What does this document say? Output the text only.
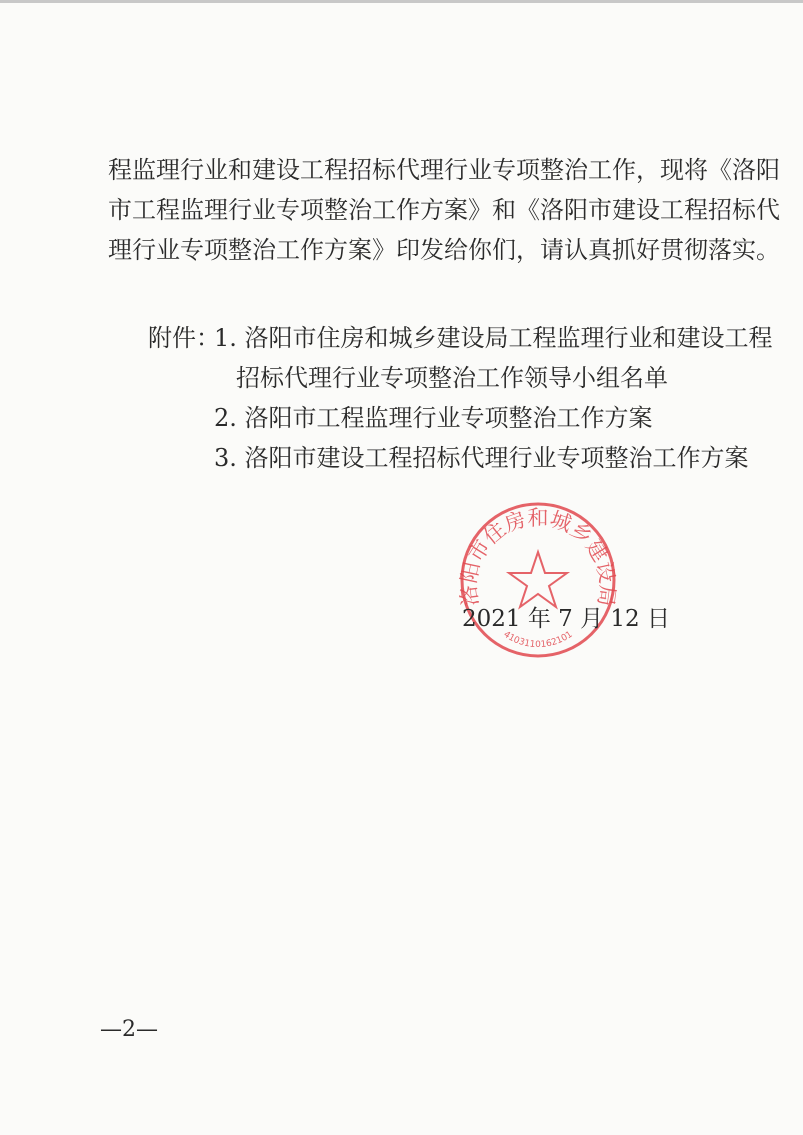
程监理行业和建设工程招标代理行业专项整治工作，现将《洛阳
市工程监理行业专项整治工作方案》和《洛阳市建设工程招标代
理行业专项整治工作方案》印发给你们，请认真抓好贯彻落实。
附件：
1. 洛阳市住房和城乡建设局工程监理行业和建设工程
招标代理行业专项整治工作领导小组名单
2. 洛阳市工程监理行业专项整治工作方案
3. 洛阳市建设工程招标代理行业专项整治工作方案
洛阳市住房和城乡建设局
4103110162101
2021 年 7 月 12 日
—2—
